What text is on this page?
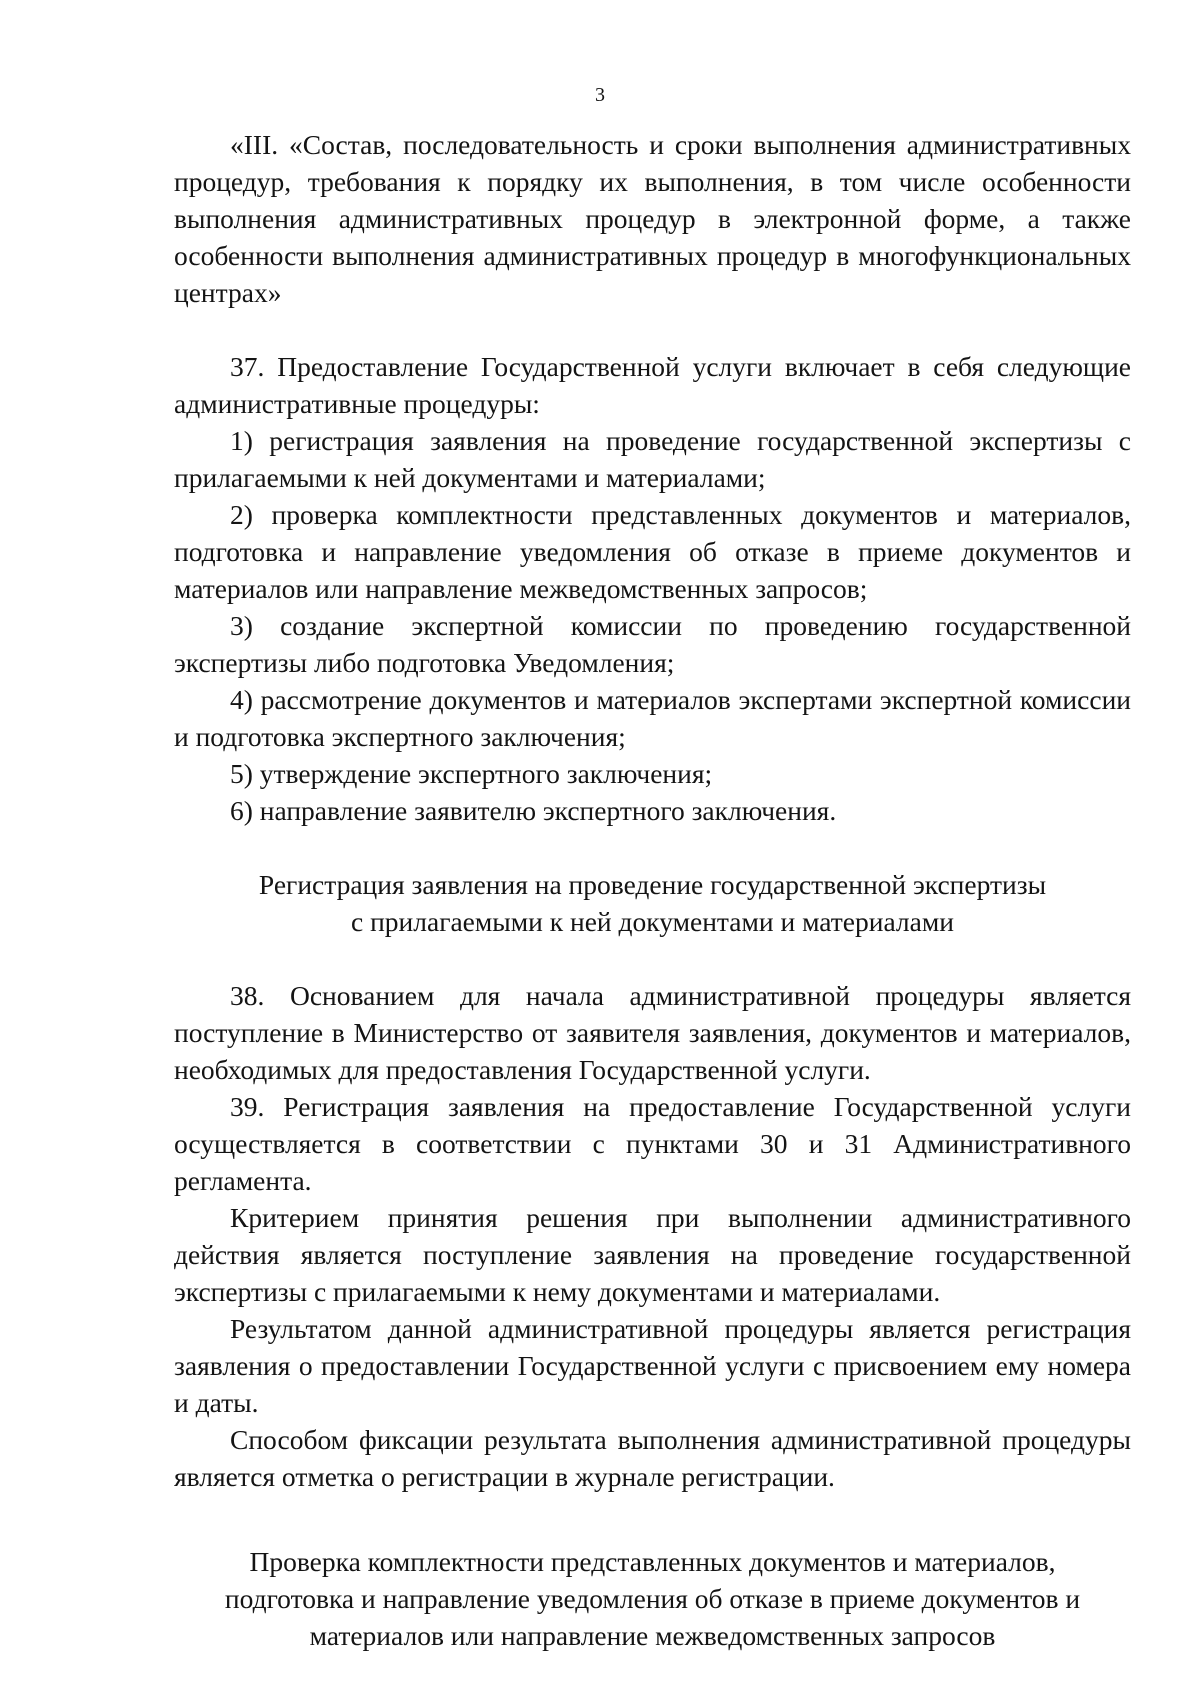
3

«III. «Состав, последовательность и сроки выполнения административных процедур, требования к порядку их выполнения, в том числе особенности выполнения административных процедур в электронной форме, а также особенности выполнения административных процедур в многофункциональных центрах»

37. Предоставление Государственной услуги включает в себя следующие административные процедуры:

1) регистрация заявления на проведение государственной экспертизы с прилагаемыми к ней документами и материалами;

2) проверка комплектности представленных документов и материалов, подготовка и направление уведомления об отказе в приеме документов и материалов или направление межведомственных запросов;

3) создание экспертной комиссии по проведению государственной экспертизы либо подготовка Уведомления;

4) рассмотрение документов и материалов экспертами экспертной комиссии и подготовка экспертного заключения;

5) утверждение экспертного заключения;

6) направление заявителю экспертного заключения.

Регистрация заявления на проведение государственной экспертизы
с прилагаемыми к ней документами и материалами

38. Основанием для начала административной процедуры является поступление в Министерство от заявителя заявления, документов и материалов, необходимых для предоставления Государственной услуги.

39. Регистрация заявления на предоставление Государственной услуги осуществляется в соответствии с пунктами 30 и 31 Административного регламента.

Критерием принятия решения при выполнении административного действия является поступление заявления на проведение государственной экспертизы с прилагаемыми к нему документами и материалами.

Результатом данной административной процедуры является регистрация заявления о предоставлении Государственной услуги с присвоением ему номера и даты.

Способом фиксации результата выполнения административной процедуры является отметка о регистрации в журнале регистрации.

Проверка комплектности представленных документов и материалов,
подготовка и направление уведомления об отказе в приеме документов и
материалов или направление межведомственных запросов
